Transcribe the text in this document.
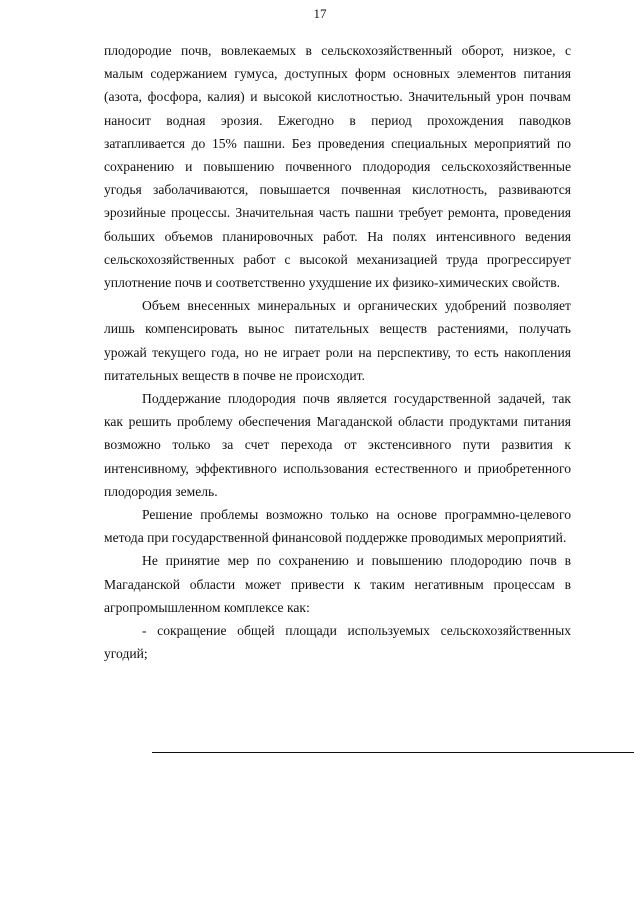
17

плодородие почв, вовлекаемых в сельскохозяйственный оборот, низкое, с малым содержанием гумуса, доступных форм основных элементов питания (азота, фосфора, калия) и высокой кислотностью. Значительный урон почвам наносит водная эрозия. Ежегодно в период прохождения паводков затапливается до 15% пашни. Без проведения специальных мероприятий по сохранению и повышению почвенного плодородия сельскохозяйственные угодья заболачиваются, повышается почвенная кислотность, развиваются эрозийные процессы. Значительная часть пашни требует ремонта, проведения больших объемов планировочных работ. На полях интенсивного ведения сельскохозяйственных работ с высокой механизацией труда прогрессирует уплотнение почв и соответственно ухудшение их физико-химических свойств.

Объем внесенных минеральных и органических удобрений позволяет лишь компенсировать вынос питательных веществ растениями, получать урожай текущего года, но не играет роли на перспективу, то есть накопления питательных веществ в почве не происходит.

Поддержание плодородия почв является государственной задачей, так как решить проблему обеспечения Магаданской области продуктами питания возможно только за счет перехода от экстенсивного пути развития к интенсивному, эффективного использования естественного и приобретенного плодородия земель.

Решение проблемы возможно только на основе программно-целевого метода при государственной финансовой поддержке проводимых мероприятий.

Не принятие мер по сохранению и повышению плодородию почв в Магаданской области может привести к таким негативным процессам в агропромышленном комплексе как:

- сокращение общей площади используемых сельскохозяйственных угодий;
